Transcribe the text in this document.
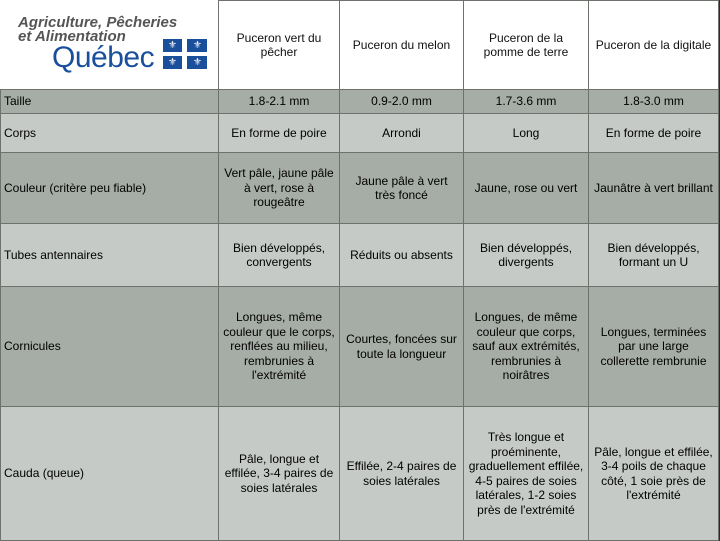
	Puceron vert du pêcher	Puceron du melon	Puceron de la pomme de terre	Puceron de la digitale
Taille	1.8-2.1 mm	0.9-2.0 mm	1.7-3.6 mm	1.8-3.0 mm
Corps	En forme de poire	Arrondi	Long	En forme de poire
Couleur (critère peu fiable)	Vert pâle, jaune pâle à vert, rose à rougeâtre	Jaune pâle à vert très foncé	Jaune, rose ou vert	Jaunâtre à vert brillant
Tubes antennaires	Bien développés, convergents	Réduits ou absents	Bien développés, divergents	Bien développés, formant un U
Cornicules	Longues, même couleur que le corps, renflées au milieu, rembrunies à l'extrémité	Courtes, foncées sur toute la longueur	Longues, de même couleur que corps, sauf aux extrémités, rembrunies à noirâtres	Longues, terminées par une large collerette rembrunie
Cauda (queue)	Pâle, longue et effilée, 3-4 paires de soies latérales	Effilée, 2-4 paires de soies latérales	Très longue et proéminente, graduellement effilée, 4-5 paires de soies latérales, 1-2 soies près de l'extrémité	Pâle, longue et effilée, 3-4 poils de chaque côté, 1 soie près de l'extrémité
Agriculture, Pêcheries
et Alimentation
Québec	⚜	⚜
⚜	⚜
